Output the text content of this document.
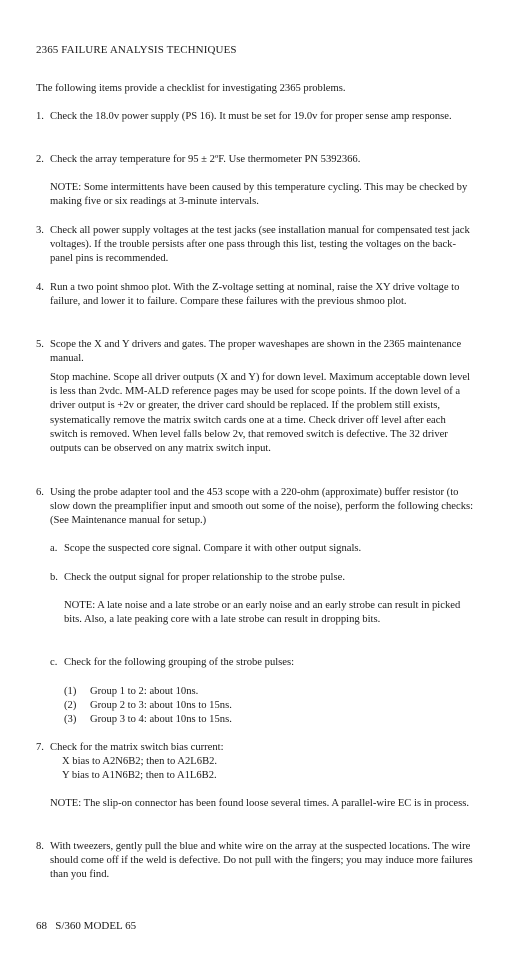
2365 FAILURE ANALYSIS TECHNIQUES
The following items provide a checklist for investigating 2365 problems.
1. Check the 18.0v power supply (PS 16). It must be set for 19.0v for proper sense amp response.

2. Check the array temperature for 95 ± 2ºF. Use thermometer PN 5392366.

NOTE: Some intermittents have been caused by this temperature cycling. This may be checked by making five or six readings at 3-minute intervals.

3. Check all power supply voltages at the test jacks (see installation manual for compensated test jack voltages). If the trouble persists after one pass through this list, testing the voltages on the back-panel pins is recommended.

4. Run a two point shmoo plot. With the Z-voltage setting at nominal, raise the XY drive voltage to failure, and lower it to failure. Compare these failures with the previous shmoo plot.

5. Scope the X and Y drivers and gates. The proper waveshapes are shown in the 2365 maintenance manual.

Stop machine. Scope all driver outputs (X and Y) for down level. Maximum acceptable down level is less than 2vdc. MM-ALD reference pages may be used for scope points. If the down level of a driver output is +2v or greater, the driver card should be replaced. If the problem still exists, systematically remove the matrix switch cards one at a time. Check driver off level after each switch is removed. When level falls below 2v, that removed switch is defective. The 32 driver outputs can be observed on any matrix switch input.

6. Using the probe adapter tool and the 453 scope with a 220-ohm (approximate) buffer resistor (to slow down the preamplifier input and smooth out some of the noise), perform the following checks: (See Maintenance manual for setup.)

a. Scope the suspected core signal. Compare it with other output signals.

b. Check the output signal for proper relationship to the strobe pulse.

NOTE: A late noise and a late strobe or an early noise and an early strobe can result in picked bits. Also, a late peaking core with a late strobe can result in dropping bits.

c. Check for the following grouping of the strobe pulses:

(1) Group 1 to 2: about 10ns.
(2) Group 2 to 3: about 10ns to 15ns.
(3) Group 3 to 4: about 10ns to 15ns.
7. Check for the matrix switch bias current:

X bias to A2N6B2; then to A2L6B2.

Y bias to A1N6B2; then to A1L6B2.

NOTE: The slip-on connector has been found loose several times. A parallel-wire EC is in process.

8. With tweezers, gently pull the blue and white wire on the array at the suspected locations. The wire should come off if the weld is defective. Do not pull with the fingers; you may induce more failures than you find.

68   S/360 MODEL 65
